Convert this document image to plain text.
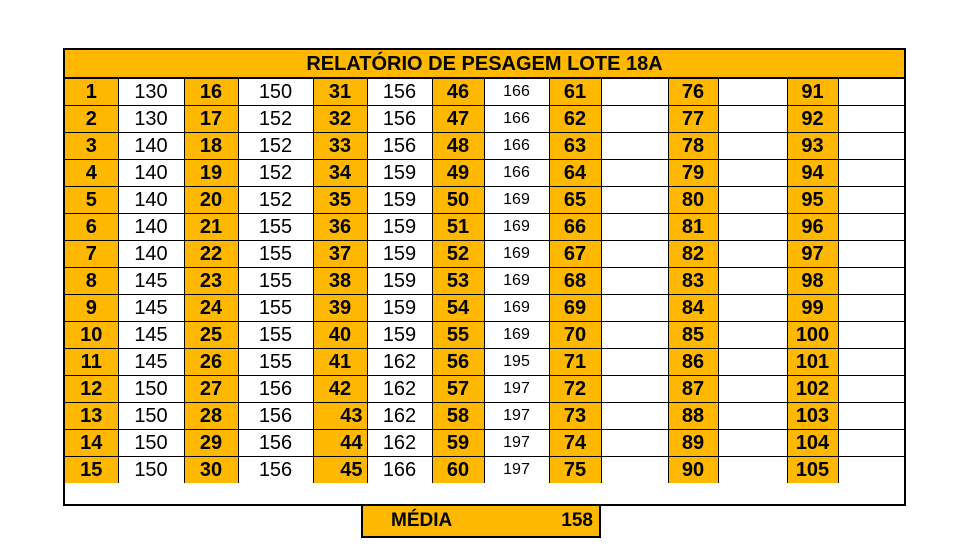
RELATÓRIO DE PESAGEM LOTE 18A
1	130	16	150	31	156	46	166	61		76		91	
2	130	17	152	32	156	47	166	62		77		92	
3	140	18	152	33	156	48	166	63		78		93	
4	140	19	152	34	159	49	166	64		79		94	
5	140	20	152	35	159	50	169	65		80		95	
6	140	21	155	36	159	51	169	66		81		96	
7	140	22	155	37	159	52	169	67		82		97	
8	145	23	155	38	159	53	169	68		83		98	
9	145	24	155	39	159	54	169	69		84		99	
10	145	25	155	40	159	55	169	70		85		100	
11	145	26	155	41	162	56	195	71		86		101	
12	150	27	156	42	162	57	197	72		87		102	
13	150	28	156	43	162	58	197	73		88		103	
14	150	29	156	44	162	59	197	74		89		104	
15	150	30	156	45	166	60	197	75		90		105	
MÉDIA	158
